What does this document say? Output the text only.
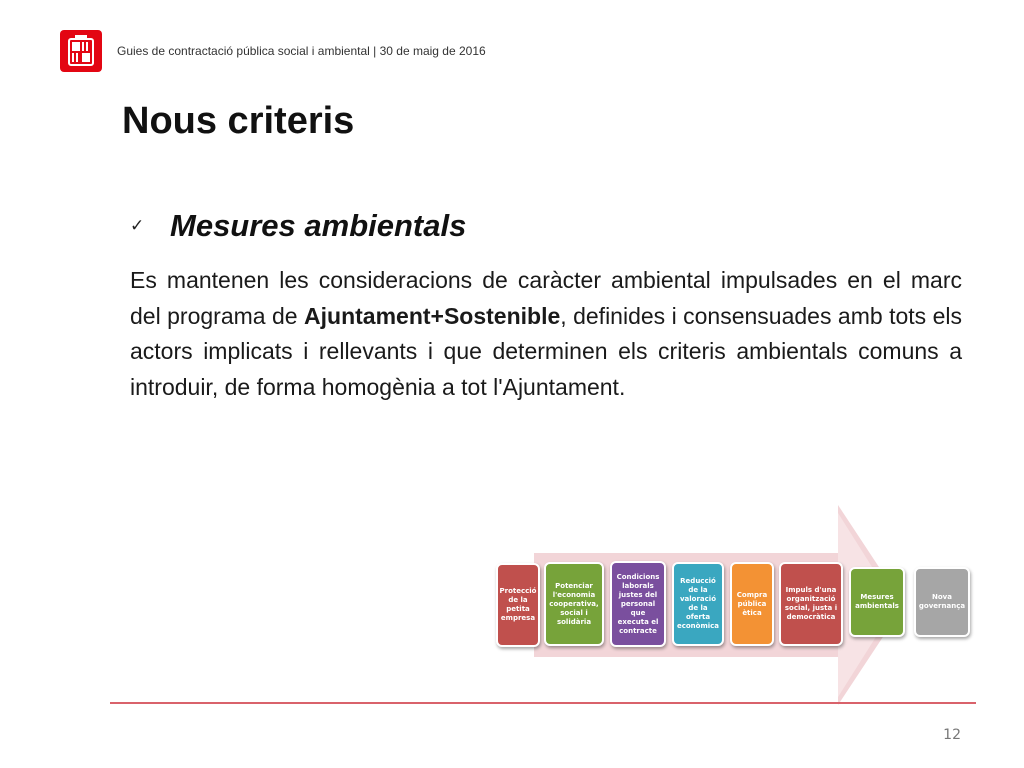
Guies de contractació pública social i ambiental | 30 de maig de 2016
Nous criteris
✓ Mesures ambientals

Es mantenen les consideracions de caràcter ambiental impulsades en el marc del programa de Ajuntament+Sostenible, definides i consensuades amb tots els actors implicats i rellevants i que determinen els criteris ambientals comuns a introduir, de forma homogènia a tot l'Ajuntament.

Protecció
de la
petita
empresa
Potenciar
l'economia
cooperativa,
social i
solidària
Condicions
laborals
justes del
personal
que
executa el
contracte
Reducció
de la
valoració
de la oferta
econòmica
Compra
pública
ètica
Impuls d'una
organització
social, justa i
democràtica
Mesures
ambientals
Nova
governança
12
